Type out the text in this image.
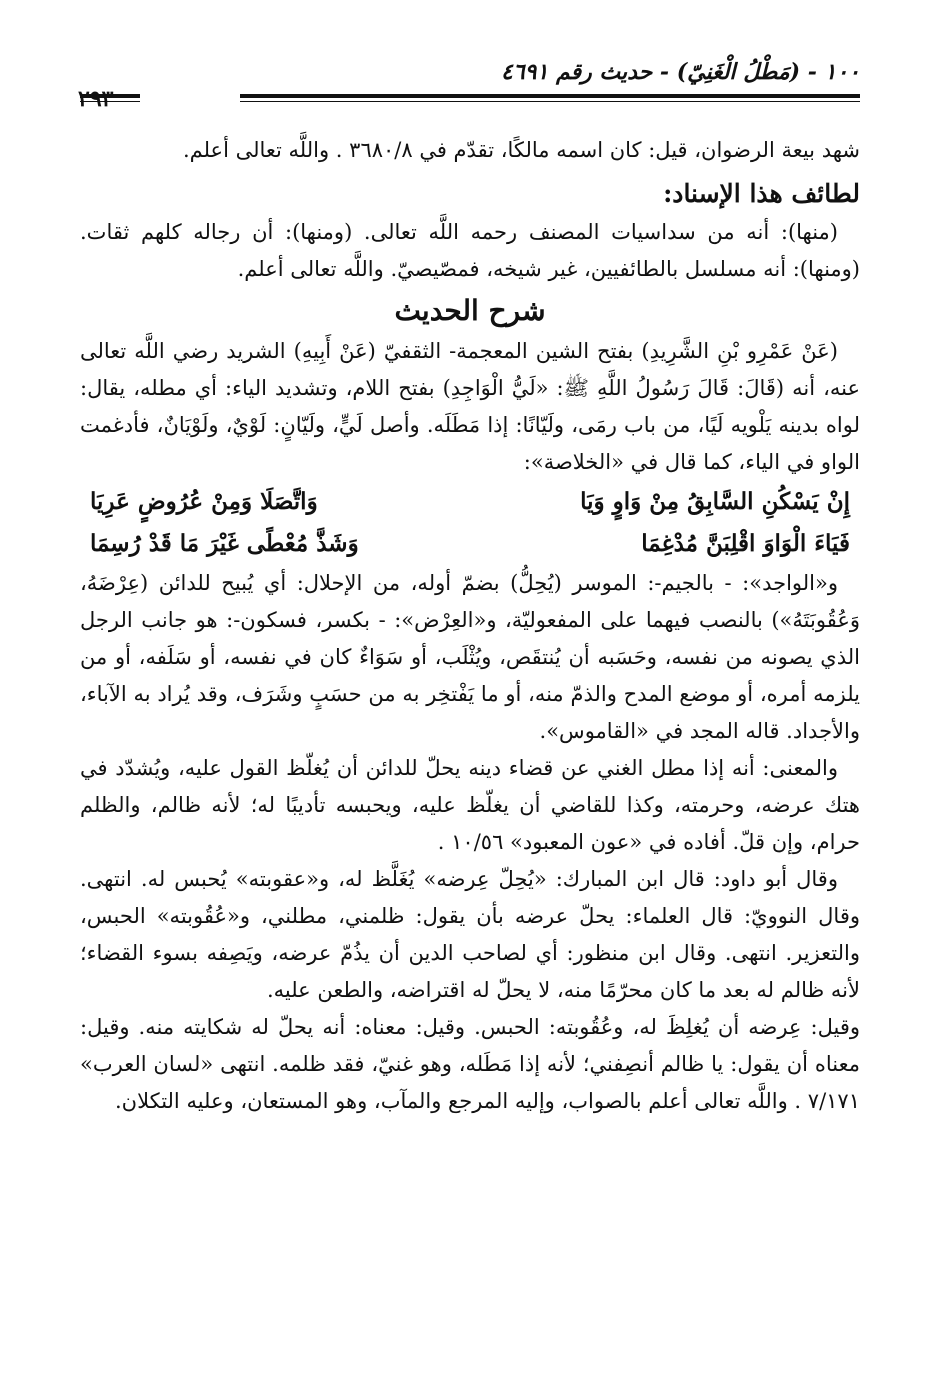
١٠٠ - (مَطْلُ الْغَنِيّ) - حديث رقم ٤٦٩١
٢٩٣

شهد بيعة الرضوان، قيل: كان اسمه مالكًا، تقدّم في ٣٦٨٠/٨ . واللَّه تعالى أعلم.

لطائف هذا الإسناد:

(منها): أنه من سداسيات المصنف رحمه اللَّه تعالى. (ومنها): أن رجاله كلهم ثقات. (ومنها): أنه مسلسل بالطائفيين، غير شيخه، فمصّيصيّ. واللَّه تعالى أعلم.

شرح الحديث

(عَنْ عَمْرِو بْنِ الشَّرِيدِ) بفتح الشين المعجمة- الثقفيّ (عَنْ أَبِيهِ) الشريد رضي اللَّه تعالى عنه، أنه (قَالَ: قَالَ رَسُولُ اللَّهِ ﷺ: «لَيُّ الْوَاجِدِ) بفتح اللام، وتشديد الياء: أي مطله، يقال: لواه بدينه يَلْويه لَيًا، من باب رمَى، ولَيّانًا: إذا مَطَلَه. وأصل لَيٍّ، ولَيّانٍ: لَوْيٌ، ولَوْيَانٌ، فأدغمت الواو في الياء، كما قال في «الخلاصة»:

إِنْ يَسْكُنِ السَّابِقُ مِنْ وَاوٍ وَيَا
وَاتَّصَلَا وَمِنْ عُرُوضٍ عَرِيَا
فَيَاءَ الْوَاوَ اقْلِبَنَّ مُدْغِمَا
وَشَذَّ مُعْطًى غَيْرَ مَا قَدْ رُسِمَا

و«الواجد»: - بالجيم-: الموسر (يُحِلُّ) بضمّ أوله، من الإحلال: أي يُبيح للدائن (عِرْضَهُ، وَعُقُوبَتَهُ») بالنصب فيهما على المفعوليّة، و«العِرْض»: - بكسر، فسكون-: هو جانب الرجل الذي يصونه من نفسه، وحَسَبه أن يُنتقَص، ويُثْلَب، أو سَوَاءٌ كان في نفسه، أو سَلَفه، أو من يلزمه أمره، أو موضع المدح والذمّ منه، أو ما يَفْتخِر به من حسَبٍ وشَرَف، وقد يُراد به الآباء، والأجداد. قاله المجد في «القاموس».

والمعنى: أنه إذا مطل الغني عن قضاء دينه يحلّ للدائن أن يُغلّظ القول عليه، ويُشدّد في هتك عرضه، وحرمته، وكذا للقاضي أن يغلّظ عليه، ويحبسه تأديبًا له؛ لأنه ظالم، والظلم حرام، وإن قلّ. أفاده في «عون المعبود» ١٠/٥٦ .

وقال أبو داود: قال ابن المبارك: «يُحِلّ عِرضه» يُغَلَّظ له، و«عقوبته» يُحبس له. انتهى. وقال النوويّ: قال العلماء: يحلّ عرضه بأن يقول: ظلمني، مطلني، و«عُقُوبته» الحبس، والتعزير. انتهى. وقال ابن منظور: أي لصاحب الدين أن يذُمّ عرضه، ويَصِفه بسوء القضاء؛ لأنه ظالم له بعد ما كان محرّمًا منه، لا يحلّ له اقتراضه، والطعن عليه.

وقيل: عِرضه أن يُغلِظَ له، وعُقُوبته: الحبس. وقيل: معناه: أنه يحلّ له شكايته منه. وقيل: معناه أن يقول: يا ظالم أنصِفني؛ لأنه إذا مَطَله، وهو غنيّ، فقد ظلمه. انتهى «لسان العرب» ٧/١٧١ . واللَّه تعالى أعلم بالصواب، وإليه المرجع والمآب، وهو المستعان، وعليه التكلان.
